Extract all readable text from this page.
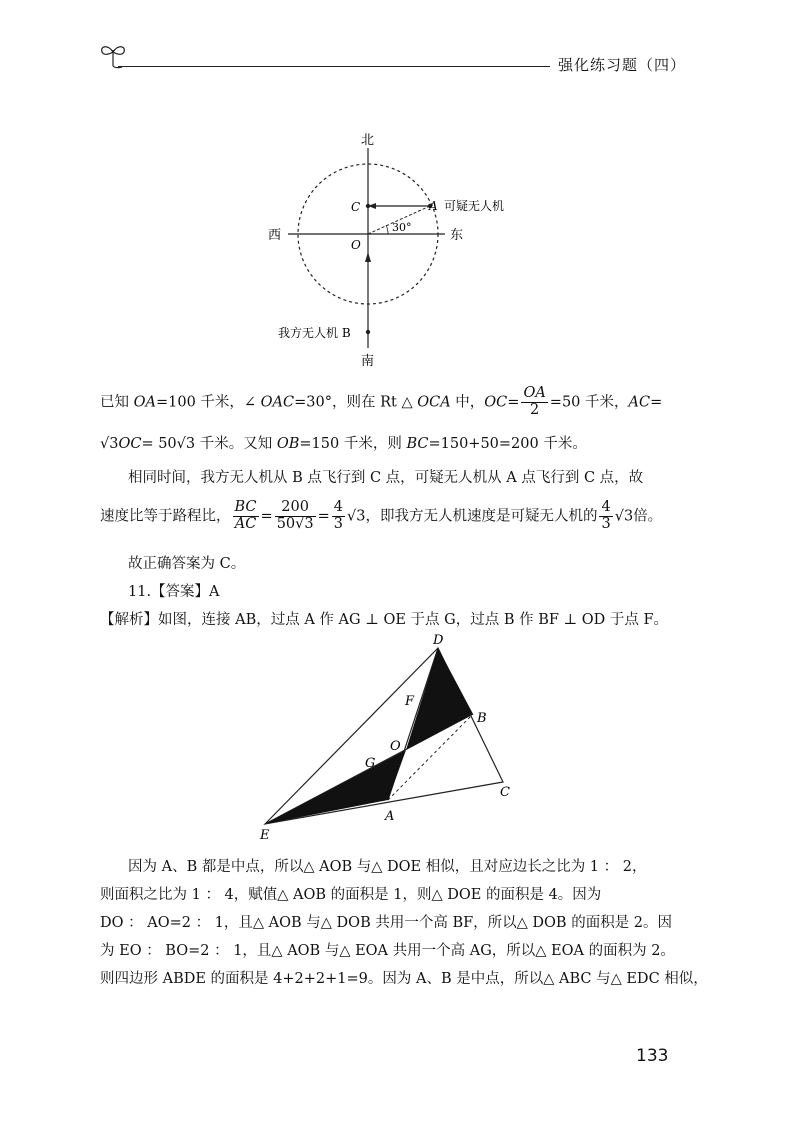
强化练习题（四）
北
南
西	东
C	A
O
可疑无人机
我方无人机 B
30°
已知 OA=100 千米，∠ OAC=30°，则在 Rt △ OCA 中，$OC= \frac{OA}{2} =50$ 千米，AC=
√3OC= 50√3 千米。又知 OB=150 千米，则 BC=150+50=200 千米。
相同时间，我方无人机从 B 点飞行到 C 点，可疑无人机从 A 点飞行到 C 点，故
速度比等于路程比， $\frac{BC}{AC} = \frac{200}{50√3} = \frac{4}{3} √3$，即我方无人机速度是可疑无人机的 $\frac{4}{3} √3$倍。
故正确答案为 C。
11.【答案】A
【解析】如图，连接 AB，过点 A 作 AG ⊥ OE 于点 G，过点 B 作 BF ⊥ OD 于点 F。
D
F
B
O
G
C
A
E
因为 A、B 都是中点，所以△ AOB 与△ DOE 相似，且对应边长之比为 1 ： 2，
则面积之比为 1 ： 4，赋值△ AOB 的面积是 1，则△ DOE 的面积是 4。因为
DO ： AO=2 ： 1，且△ AOB 与△ DOB 共用一个高 BF，所以△ DOB 的面积是 2。因
为 EO ： BO=2 ： 1，且△ AOB 与△ EOA 共用一个高 AG，所以△ EOA 的面积为 2。
则四边形 ABDE 的面积是 4+2+2+1=9。因为 A、B 是中点，所以△ ABC 与△ EDC 相似，
133
